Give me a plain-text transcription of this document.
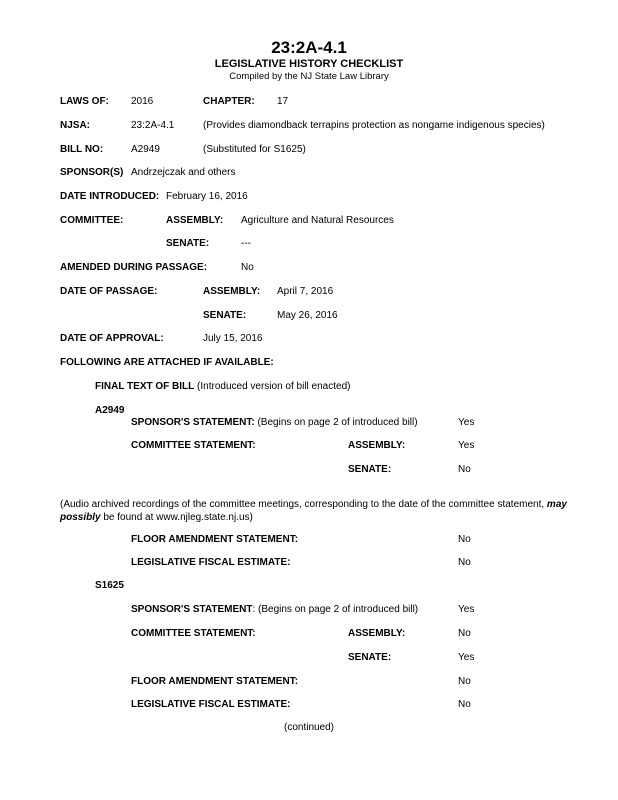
23:2A-4.1
LEGISLATIVE HISTORY CHECKLIST
Compiled by the NJ State Law Library
LAWS OF: 2016	CHAPTER: 17
NJSA:	23:2A-4.1	(Provides diamondback terrapins protection as nongame indigenous species)
BILL NO:	A2949	(Substituted for S1625)
SPONSOR(S) Andrzejczak and others
DATE INTRODUCED: February 16, 2016
COMMITTEE:	ASSEMBLY: Agriculture and Natural Resources
SENATE:	---
AMENDED DURING PASSAGE:	No
DATE OF PASSAGE:	ASSEMBLY: April 7, 2016
SENATE:	May 26, 2016
DATE OF APPROVAL:	July 15, 2016
FOLLOWING ARE ATTACHED IF AVAILABLE:
FINAL TEXT OF BILL (Introduced version of bill enacted)
A2949
SPONSOR'S STATEMENT: (Begins on page 2 of introduced bill)	Yes
COMMITTEE STATEMENT:	ASSEMBLY:	Yes
SENATE:	No
(Audio archived recordings of the committee meetings, corresponding to the date of the committee statement, may possibly be found at www.njleg.state.nj.us)
FLOOR AMENDMENT STATEMENT:	No
LEGISLATIVE FISCAL ESTIMATE:	No
S1625
SPONSOR'S STATEMENT: (Begins on page 2 of introduced bill)	Yes
COMMITTEE STATEMENT:	ASSEMBLY:	No
SENATE:	Yes
FLOOR AMENDMENT STATEMENT:	No
LEGISLATIVE FISCAL ESTIMATE:	No
(continued)
